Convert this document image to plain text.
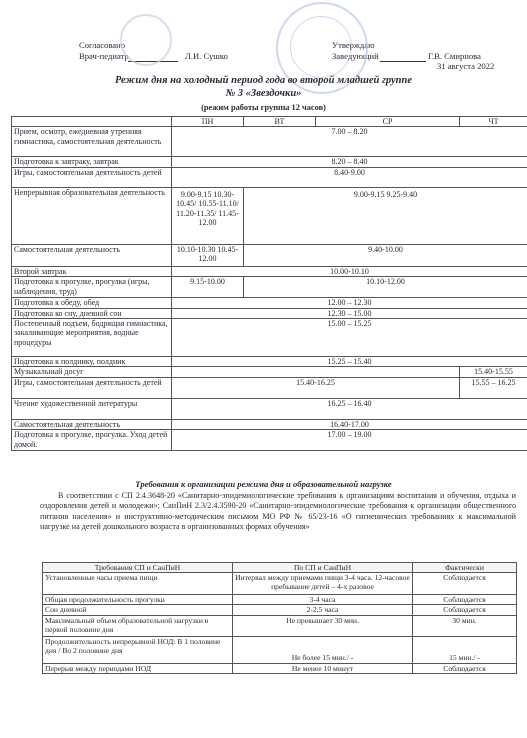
Согласовано
Врач-педиатр	Л.И. Сушко
Утверждаю
Заведующий	Г.В. Смирнова
31 августа 2022
Режим дня на холодный период года во второй младшей группе
№ 3 «Звездочки»
(режим работы группы 12 часов)
	ПН	ВТ	СР	ЧТ	
Прием, осмотр, ежедневная утренняя гимнастика, самостоятельная деятельность	7.00 – 8.20				
Подготовка к завтраку, завтрак	8.20 – 8.40				
Игры, самостоятельная деятельность детей	8.40-9.00				
Непрерывная образовательная деятельность	9.00-9.15 10.30-10.45/ 10.55-11.10/ 11.20-11.35/ 11.45-12.00	9.00-9.15 9.25-9.40			
Самостоятельная деятельность	10.10-10.30 10.45-12.00	9.40-10.00			
Второй завтрак	10.00-10.10				
Подготовка к прогулке, прогулка (игры, наблюдения, труд)	9.15-10.00	10.10-12.00			
Подготовка к обеду, обед	12.00 – 12.30				
Подготовка ко сну, дневной сон	12.30 – 15.00				
Постепенный подъем, бодрящая гимнастика, закаливающие мероприятия, водные процедуры	15.00 – 15.25				
Подготовка к полднику, полдник	15.25 – 15.40				
Музыкальный досуг				15.40-15.55	
Игры, самостоятельная деятельность детей	15.40-16.25			15.55 – 16.25	
Чтение художественной литературы	16.25 – 16.40				
Самостоятельная деятельность	16.40-17.00				
Подготовка к прогулке, прогулка. Уход детей домой.	17.00 – 19.00				
Требования к организации режима дня и образовательной нагрузке
В соответствии с СП 2.4.3648-20 «Санитарно-эпидемиологические требования к организациям воспитания и обучения, отдыха и оздоровления детей и молодежи»; СанПиН 2.3/2.4.3590-20 «Санитарно-эпидемиологические требования к организации общественного питания населения» и инструктивно-методическим письмом МО РФ № 65/23-16 «О гигиенических требованиях к максимальной нагрузке на детей дошкольного возраста в организованных формах обучения»
Требования СП и СанПиН	По СП и СанПиН	Фактически
Установленные часы приема пищи	Интервал между приемами пищи 3-4 часа. 12-часовое пребывание детей – 4-х разовое	Соблюдается
Общая продолжительность прогулки	3-4 часа	Соблюдается
Сон дневной	2-2,5 часа	Соблюдается
Максимальный объем образовательной нагрузки в первой половине дня	Не превышает 30 мин.	30 мин.
Продолжительность непрерывной НОД: В 1 половине дня / Во 2 половине дня	Не более 15 мин./ -	15 мин./ -
Перерыв между периодами НОД	Не менее 10 минут	Соблюдается
